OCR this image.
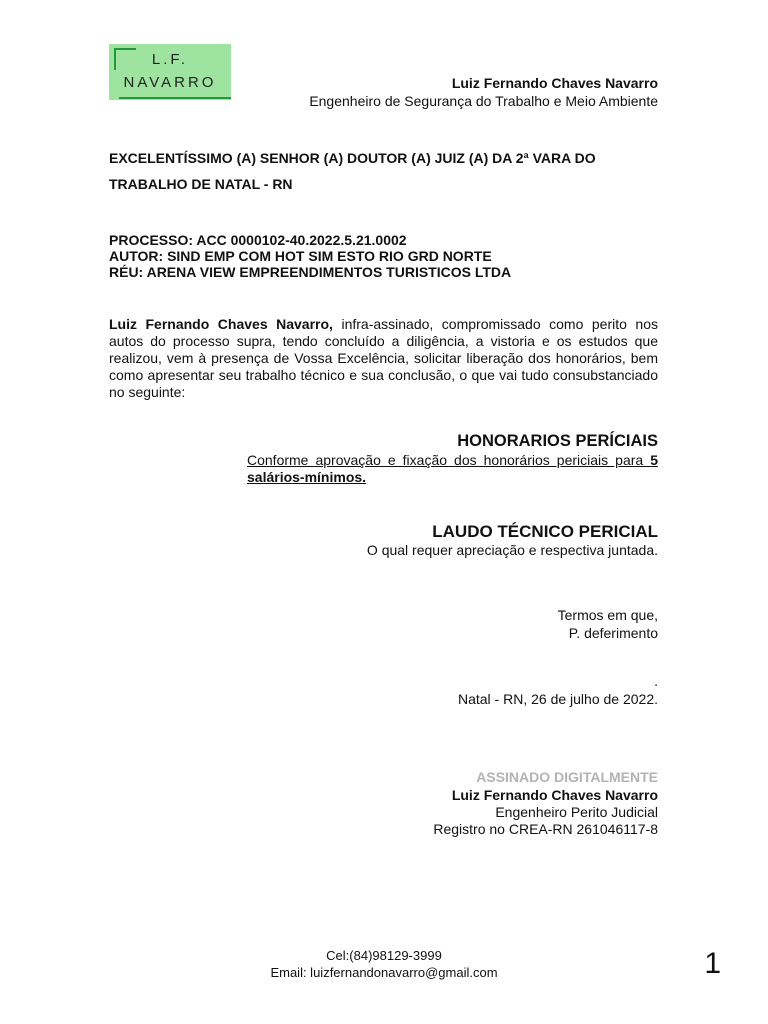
L.F.
NAVARRO	Luiz Fernando Chaves Navarro
Engenheiro de Segurança do Trabalho e Meio Ambiente
EXCELENTÍSSIMO (A) SENHOR (A) DOUTOR (A) JUIZ (A) DA 2ª VARA DO
TRABALHO DE NATAL - RN
PROCESSO: ACC 0000102-40.2022.5.21.0002
AUTOR: SIND EMP COM HOT SIM ESTO RIO GRD NORTE
RÉU: ARENA VIEW EMPREENDIMENTOS TURISTICOS LTDA
Luiz Fernando Chaves Navarro, infra-assinado, compromissado como perito nos autos do processo supra, tendo concluído a diligência, a vistoria e os estudos que realizou, vem à presença de Vossa Excelência, solicitar liberação dos honorários, bem como apresentar seu trabalho técnico e sua conclusão, o que vai tudo consubstanciado no seguinte:
HONORARIOS PERÍCIAIS
Conforme aprovação e fixação dos honorários periciais para 5 salários-mínimos.
LAUDO TÉCNICO PERICIAL
O qual requer apreciação e respectiva juntada.
Termos em que,
P. deferimento
.
Natal - RN, 26 de julho de 2022.
ASSINADO DIGITALMENTE
Luiz Fernando Chaves Navarro
Engenheiro Perito Judicial
Registro no CREA-RN 261046117-8
Cel:(84)98129-3999
Email: luizfernandonavarro@gmail.com	1
